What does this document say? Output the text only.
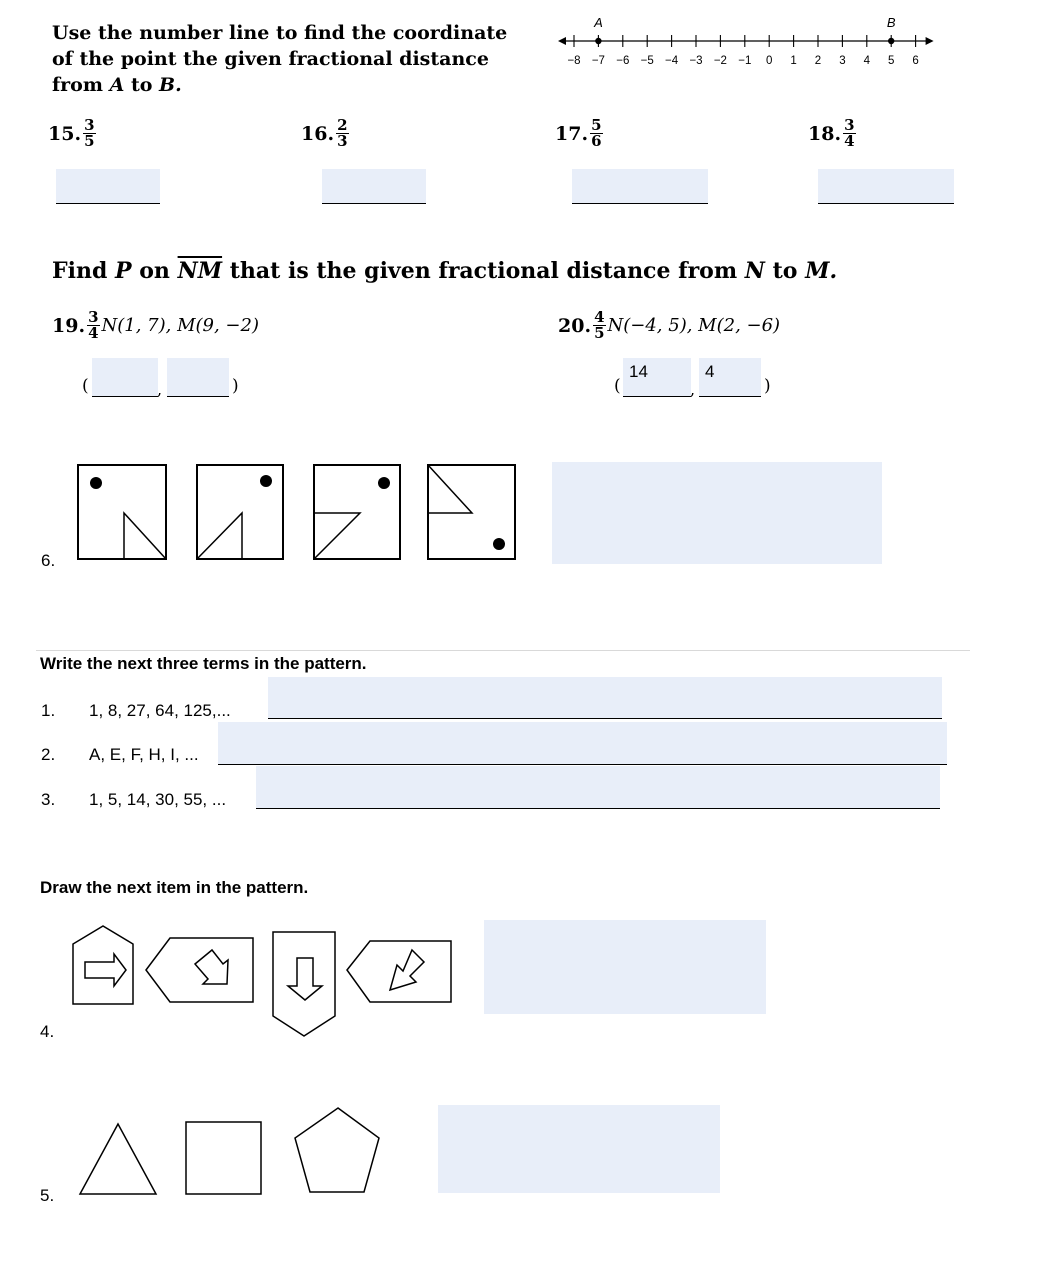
Use the number line to find the coordinate
of the point the given fractional distance
from A to B.
−8 −7 −6 −5 −4 −3 −2 −1 0 1 2 3 4 5 6
A	B
15. $\frac{3}{5}$	16. $\frac{2}{3}$	17. $\frac{5}{6}$	18. $\frac{3}{4}$
Find P on $\overline{NM}$ that is the given fractional distance from N to M.
19. $\frac{3}{4} N(1$, 7), M(9, −2)	20. $\frac{4}{5} N(-4$, 5), M(2, −6)
(	,	)	(
14	,
4	)
6.
Write the next three terms in the pattern.
1. 1, 8, 27, 64, 125,...
2. A, E, F, H, I, ...
3. 1, 5, 14, 30, 55, ...
Draw the next item in the pattern.
4.
5.
